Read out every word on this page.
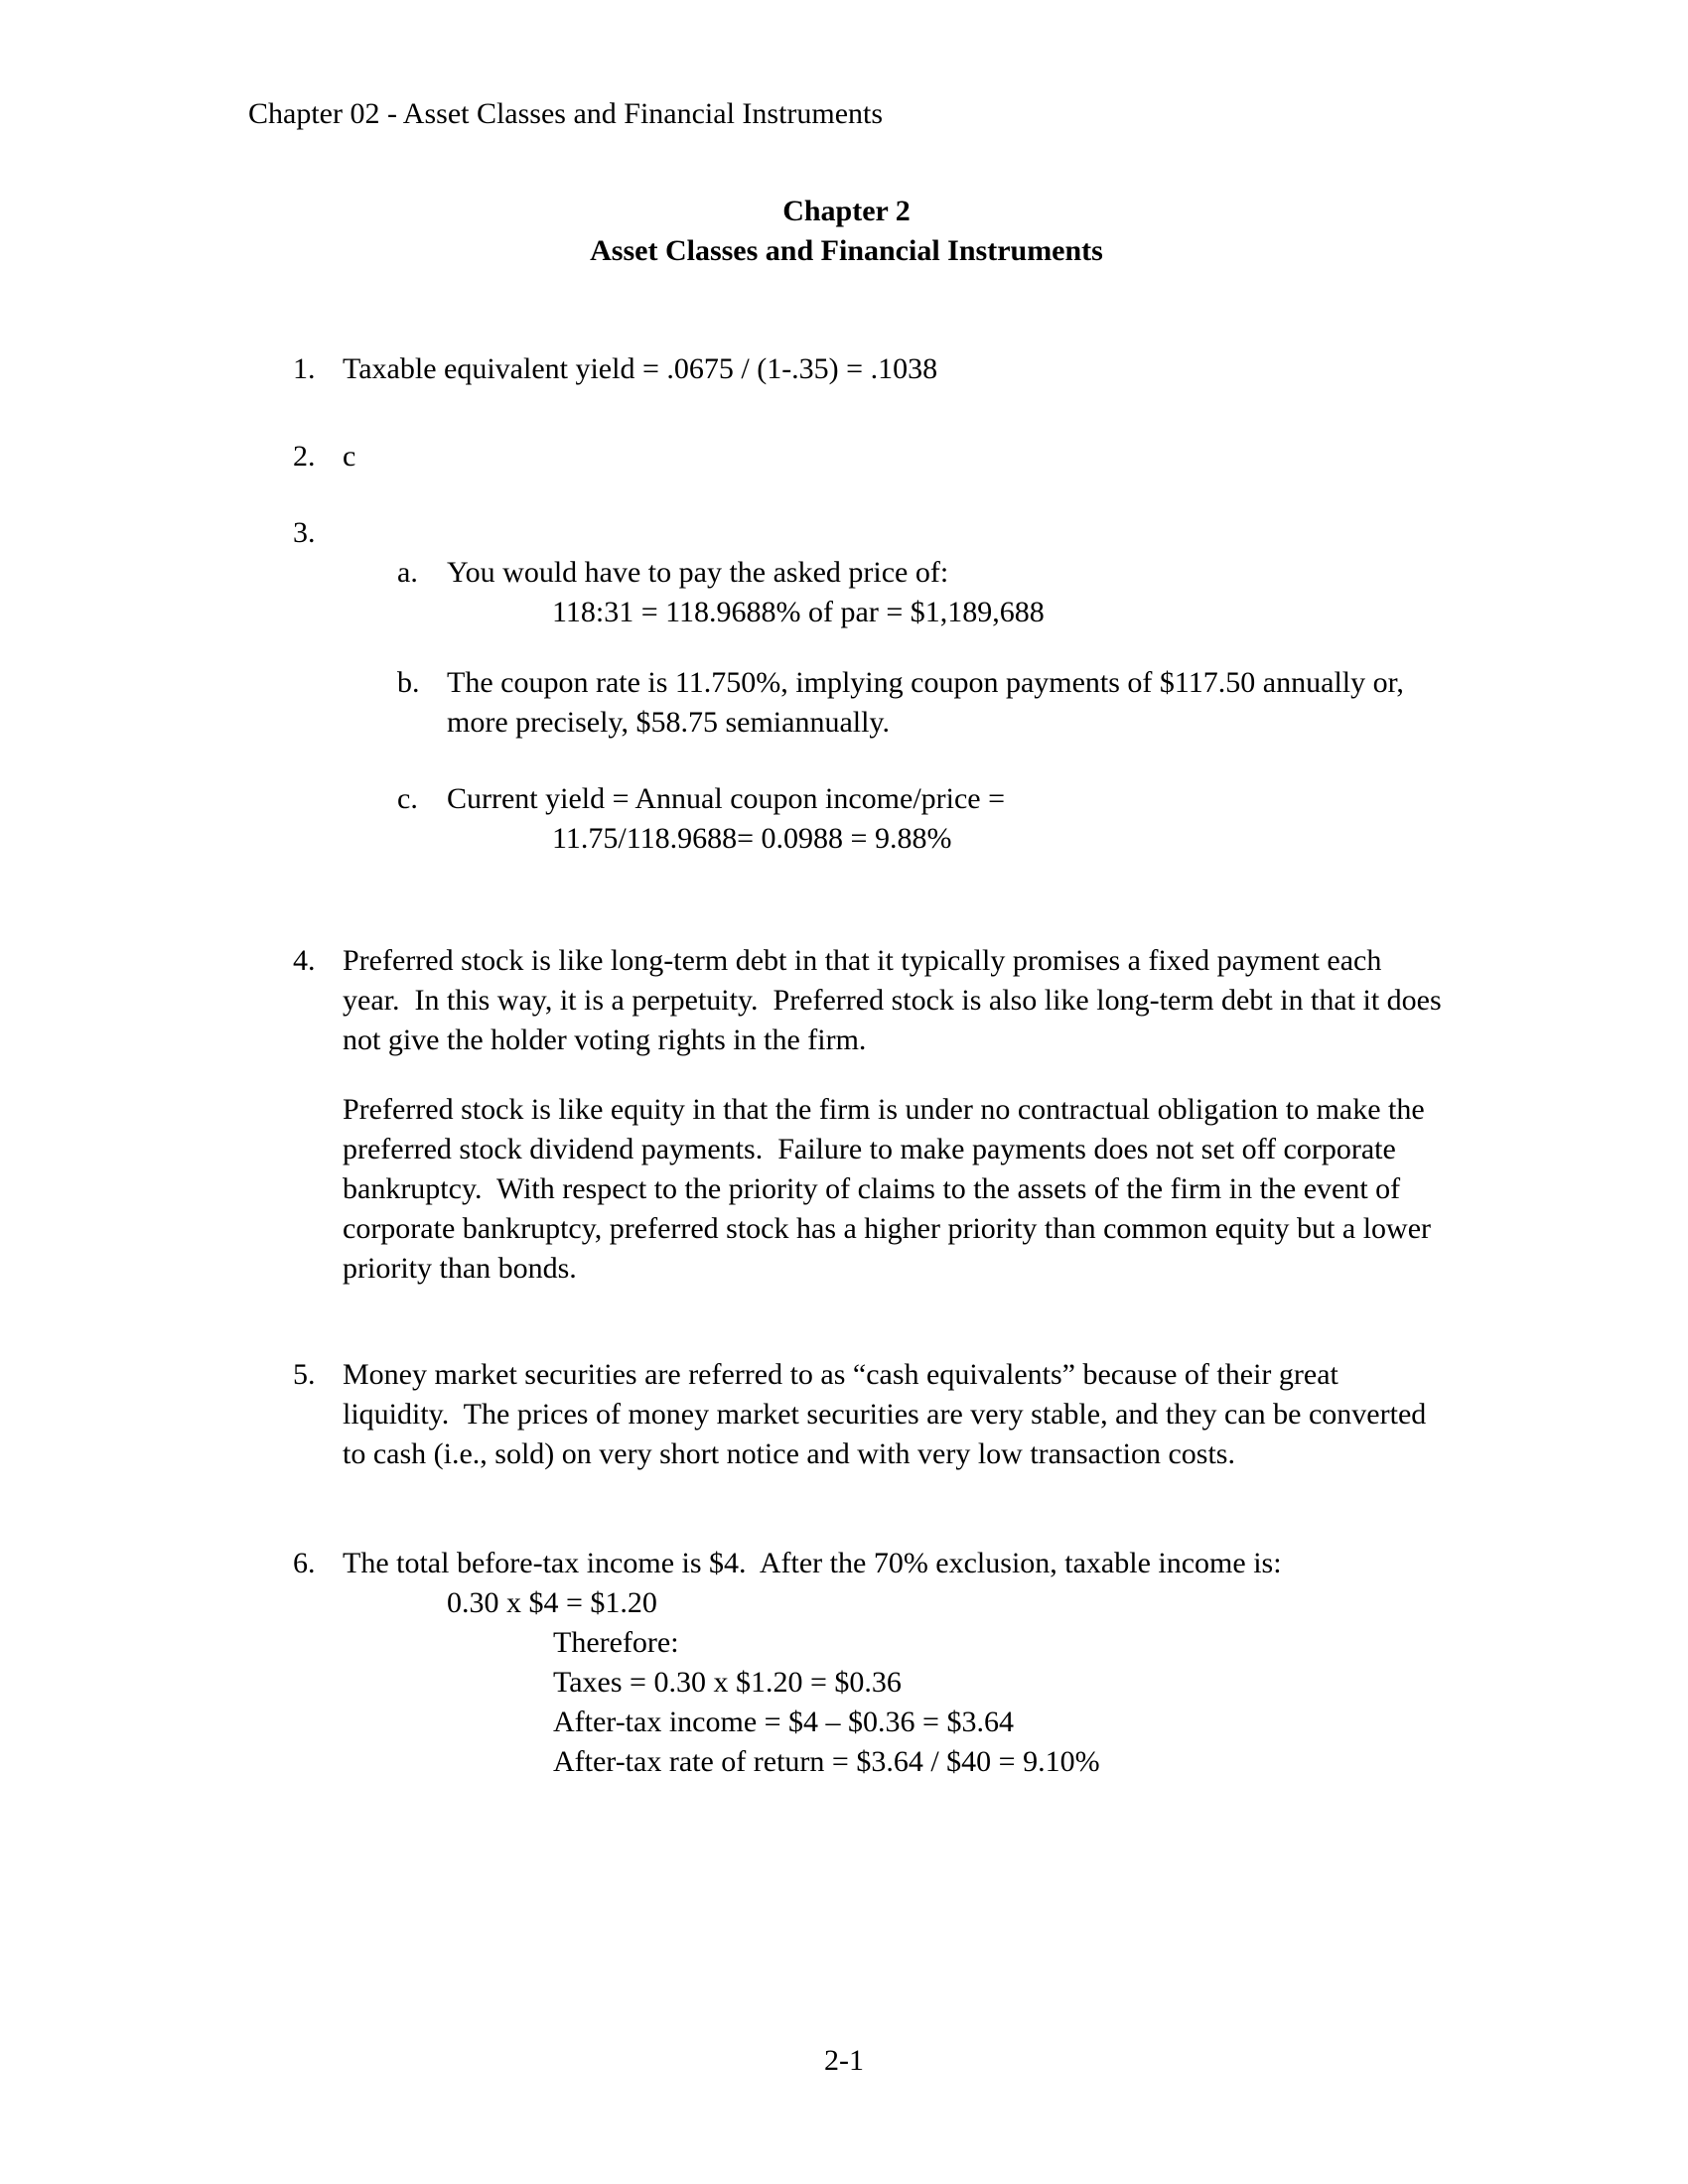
Chapter 02 - Asset Classes and Financial Instruments
Chapter 2
Asset Classes and Financial Instruments
1. Taxable equivalent yield = .0675 / (1-.35) = .1038
2. c
3.
a. You would have to pay the asked price of:
118:31 = 118.9688% of par = $1,189,688
b. The coupon rate is 11.750%, implying coupon payments of $117.50 annually or, more precisely, $58.75 semiannually.
c. Current yield = Annual coupon income/price =
11.75/118.9688= 0.0988 = 9.88%
4. Preferred stock is like long-term debt in that it typically promises a fixed payment each year.  In this way, it is a perpetuity.  Preferred stock is also like long-term debt in that it does not give the holder voting rights in the firm.
Preferred stock is like equity in that the firm is under no contractual obligation to make the preferred stock dividend payments.  Failure to make payments does not set off corporate bankruptcy.  With respect to the priority of claims to the assets of the firm in the event of corporate bankruptcy, preferred stock has a higher priority than common equity but a lower priority than bonds.
5. Money market securities are referred to as “cash equivalents” because of their great liquidity.  The prices of money market securities are very stable, and they can be converted to cash (i.e., sold) on very short notice and with very low transaction costs.
6. The total before-tax income is $4.  After the 70% exclusion, taxable income is:
0.30 x $4 = $1.20
Therefore:
Taxes = 0.30 x $1.20 = $0.36
After-tax income = $4 – $0.36 = $3.64
After-tax rate of return = $3.64 / $40 = 9.10%
2-1
